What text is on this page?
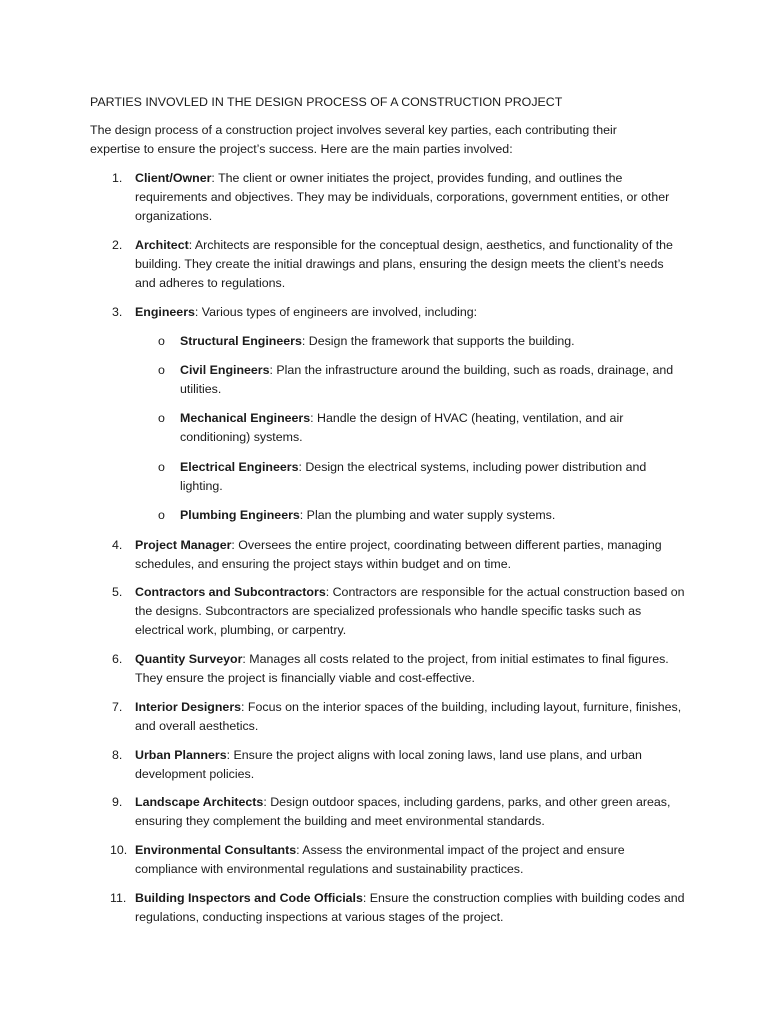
PARTIES INVOVLED IN THE DESIGN PROCESS OF A CONSTRUCTION PROJECT

The design process of a construction project involves several key parties, each contributing their expertise to ensure the project’s success. Here are the main parties involved:

1.	Client/Owner: The client or owner initiates the project, provides funding, and outlines the requirements and objectives. They may be individuals, corporations, government entities, or other organizations.
2.	Architect: Architects are responsible for the conceptual design, aesthetics, and functionality of the building. They create the initial drawings and plans, ensuring the design meets the client’s needs and adheres to regulations.
3.	Engineers: Various types of engineers are involved, including:
o Structural Engineers: Design the framework that supports the building.
o Civil Engineers: Plan the infrastructure around the building, such as roads, drainage, and utilities.
o Mechanical Engineers: Handle the design of HVAC (heating, ventilation, and air conditioning) systems.
o Electrical Engineers: Design the electrical systems, including power distribution and lighting.
o Plumbing Engineers: Plan the plumbing and water supply systems.
4.	Project Manager: Oversees the entire project, coordinating between different parties, managing schedules, and ensuring the project stays within budget and on time.
5.	Contractors and Subcontractors: Contractors are responsible for the actual construction based on the designs. Subcontractors are specialized professionals who handle specific tasks such as electrical work, plumbing, or carpentry.
6.	Quantity Surveyor: Manages all costs related to the project, from initial estimates to final figures. They ensure the project is financially viable and cost-effective.
7.	Interior Designers: Focus on the interior spaces of the building, including layout, furniture, finishes, and overall aesthetics.
8.	Urban Planners: Ensure the project aligns with local zoning laws, land use plans, and urban development policies.
9.	Landscape Architects: Design outdoor spaces, including gardens, parks, and other green areas, ensuring they complement the building and meet environmental standards.
10. Environmental Consultants: Assess the environmental impact of the project and ensure compliance with environmental regulations and sustainability practices.
11. Building Inspectors and Code Officials: Ensure the construction complies with building codes and regulations, conducting inspections at various stages of the project.
